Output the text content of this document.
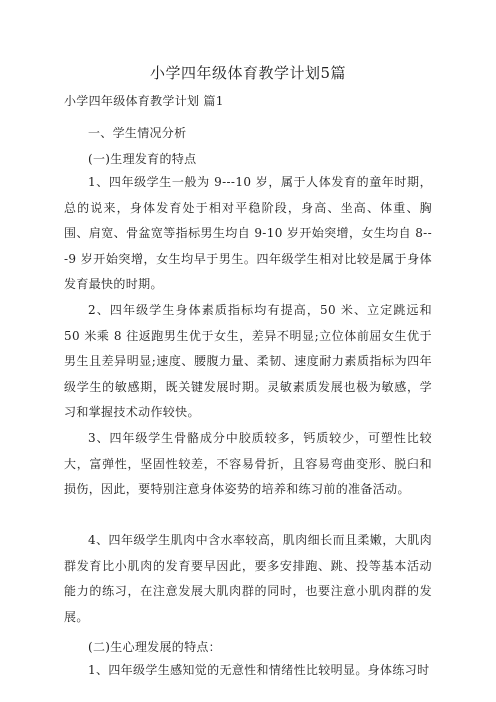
小学四年级体育教学计划5篇
小学四年级体育教学计划 篇1

一、学生情况分析

(一)生理发育的特点

1、四年级学生一般为 9---10 岁，属于人体发育的童年时期，总的说来，身体发育处于相对平稳阶段，身高、坐高、体重、胸围、肩宽、骨盆宽等指标男生均自 9-10 岁开始突增，女生均自 8---9 岁开始突增，女生均早于男生。四年级学生相对比较是属于身体发育最快的时期。

2、四年级学生身体素质指标均有提高，50 米、立定跳远和 50 米乘 8 往返跑男生优于女生，差异不明显;立位体前屈女生优于男生且差异明显;速度、腰腹力量、柔韧、速度耐力素质指标为四年级学生的敏感期，既关键发展时期。灵敏素质发展也极为敏感，学习和掌握技术动作较快。

3、四年级学生骨骼成分中胶质较多，钙质较少，可塑性比较大，富弹性，坚固性较差，不容易骨折，且容易弯曲变形、脱臼和损伤，因此，要特别注意身体姿势的培养和练习前的准备活动。

4、四年级学生肌肉中含水率较高，肌肉细长而且柔嫩，大肌肉群发育比小肌肉的发育要早因此，要多安排跑、跳、投等基本活动能力的练习，在注意发展大肌肉群的同时，也要注意小肌肉群的发展。

(二)生心理发展的特点：

1、四年级学生感知觉的无意性和情绪性比较明显。身体练习时
